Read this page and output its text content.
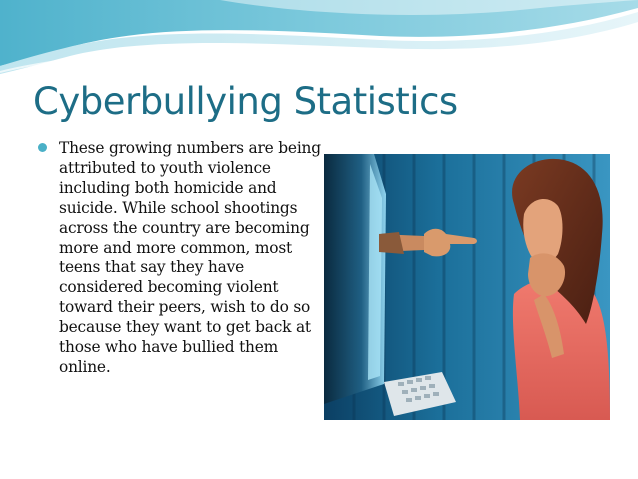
Cyberbullying Statistics
These growing numbers are being attributed to youth violence including both homicide and suicide. While school shootings across the country are becoming more and more common, most teens that say they have considered becoming violent toward their peers, wish to do so because they want to get back at those who have bullied them online.
